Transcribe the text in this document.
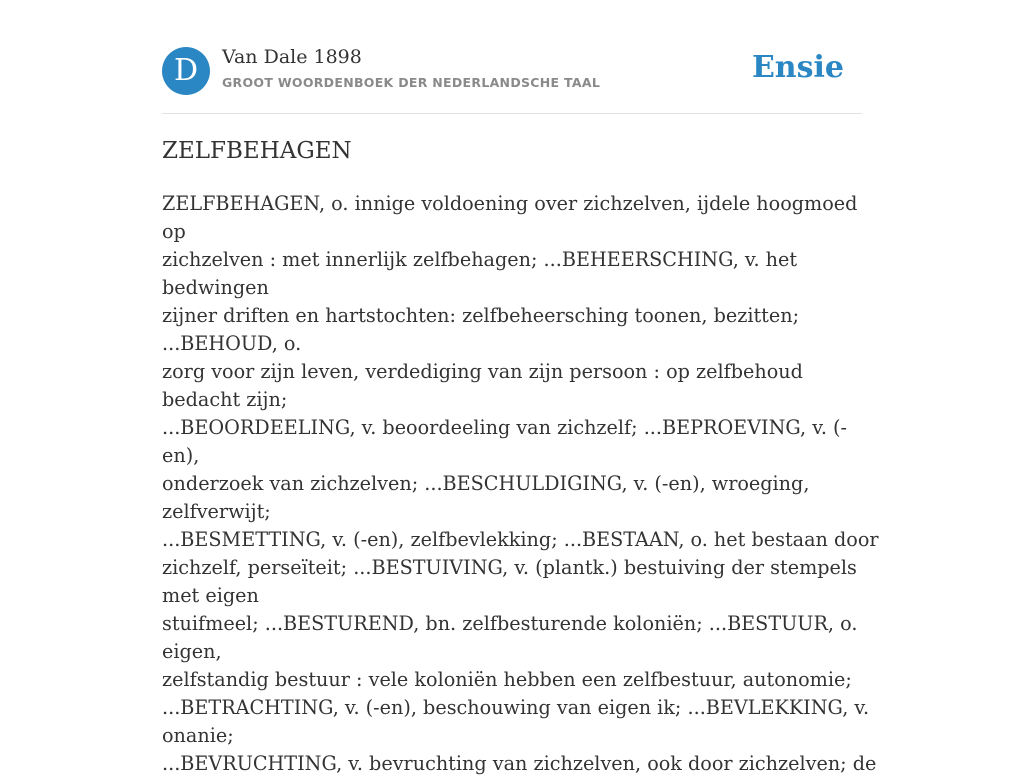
D	Van Dale 1898
GROOT WOORDENBOEK DER NEDERLANDSCHE TAAL	Ensie
ZELFBEHAGEN
ZELFBEHAGEN, o. innige voldoening over zichzelven, ijdele hoogmoed op
zichzelven : met innerlijk zelfbehagen; ...BEHEERSCHING, v. het bedwingen
zijner driften en hartstochten: zelfbeheersching toonen, bezitten; ...BEHOUD, o.
zorg voor zijn leven, verdediging van zijn persoon : op zelfbehoud bedacht zijn;
...BEOORDEELING, v. beoordeeling van zichzelf; ...BEPROEVING, v. (-en),
onderzoek van zichzelven; ...BESCHULDIGING, v. (-en), wroeging, zelfverwijt;
...BESMETTING, v. (-en), zelfbevlekking; ...BESTAAN, o. het bestaan door
zichzelf, perseïteit; ...BESTUIVING, v. (plantk.) bestuiving der stempels met eigen
stuifmeel; ...BESTUREND, bn. zelfbesturende koloniën; ...BESTUUR, o. eigen,
zelfstandig bestuur : vele koloniën hebben een zelfbestuur, autonomie;
...BETRACHTING, v. (-en), beschouwing van eigen ik; ...BEVLEKKING, v. onanie;
...BEVRUCHTING, v. bevruchting van zichzelven, ook door zichzelven; de
